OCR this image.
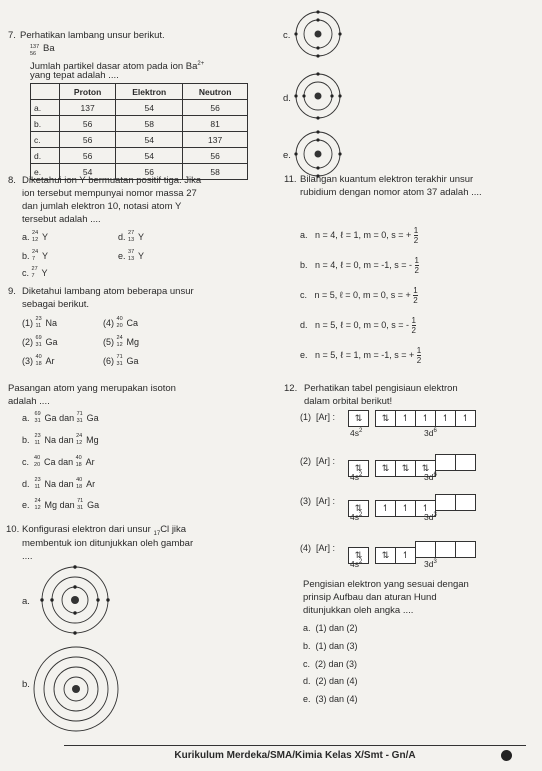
7. Perhatikan lambang unsur berikut.
137
56 Ba
Jumlah partikel dasar atom pada ion $Ba^{2+}$
yang tepat adalah ....
	Proton	Elektron	Neutron
a.	137	54	56
b.	56	58	81
c.	56	54	137
d.	56	54	56
e.	54	56	58
c.
d.
e.
8. Diketahui ion Y bermuatan positif tiga. Jika
ion tersebut mempunyai nomor massa 27
dan jumlah elektron 10, notasi atom Y
tersebut adalah ....
a. 24
12 Y	d. 27
13 Y
b. 24
7 Y	e. 37
13 Y
c. 27
7 Y
9. Diketahui lambang atom beberapa unsur
sebagai berikut.
(1) 23
11 Na	(4) 40
20 Ca
(2) 69
31 Ga	(5) 24
12 Mg
(3) 40
18 Ar	(6) 71
31 Ga
Pasangan atom yang merupakan isoton
adalah ....
a. 69
31 Ga dan 71
31 Ga
b. 23
11 Na dan 24
12 Mg
c. 40
20 Ca dan 40
18 Ar
d. 23
11 Na dan 40
18 Ar
e. 24
12 Mg dan 71
31 Ga
10. Konfigurasi elektron dari unsur $_{17}$Cl jika
membentuk ion ditunjukkan oleh gambar
....
a.
b.
11. Bilangan kuantum elektron terakhir unsur
rubidium dengan nomor atom 37 adalah ....
a. n = 4, ℓ = 1, m = 0, s = + $\frac{1}{2}$
b. n = 4, ℓ = 0, m = -1, s = - $\frac{1}{2}$
c. n = 5, ℓ = 0, m = 0, s = + $\frac{1}{2}$
d. n = 5, ℓ = 0, m = 0, s = - $\frac{1}{2}$
e. n = 5, ℓ = 1, m = -1, s = + $\frac{1}{2}$
12. Perhatikan tabel pengisiaun elektron
dalam orbital berikut!
(1) [Ar] :	⇅ ⇅ ↿ ↿ ↿ ↿
$4s^2$	$3d^6$
(2) [Ar] :
⇅ ⇅ ⇅ ⇅
$4s^2$	$3d^6$
(3) [Ar] :
⇅ ↿ ↿ ↿
$4s^2$	$3d^3$
(4) [Ar] :
⇅ ⇅ ↿
$4s^2$	$3d^3$
Pengisian elektron yang sesuai dengan
prinsip Aufbau dan aturan Hund
ditunjukkan oleh angka ....
a. (1) dan (2)
b. (1) dan (3)
c. (2) dan (3)
d. (2) dan (4)
e. (3) dan (4)
Kurikulum Merdeka/SMA/Kimia Kelas X/Smt - Gn/A
